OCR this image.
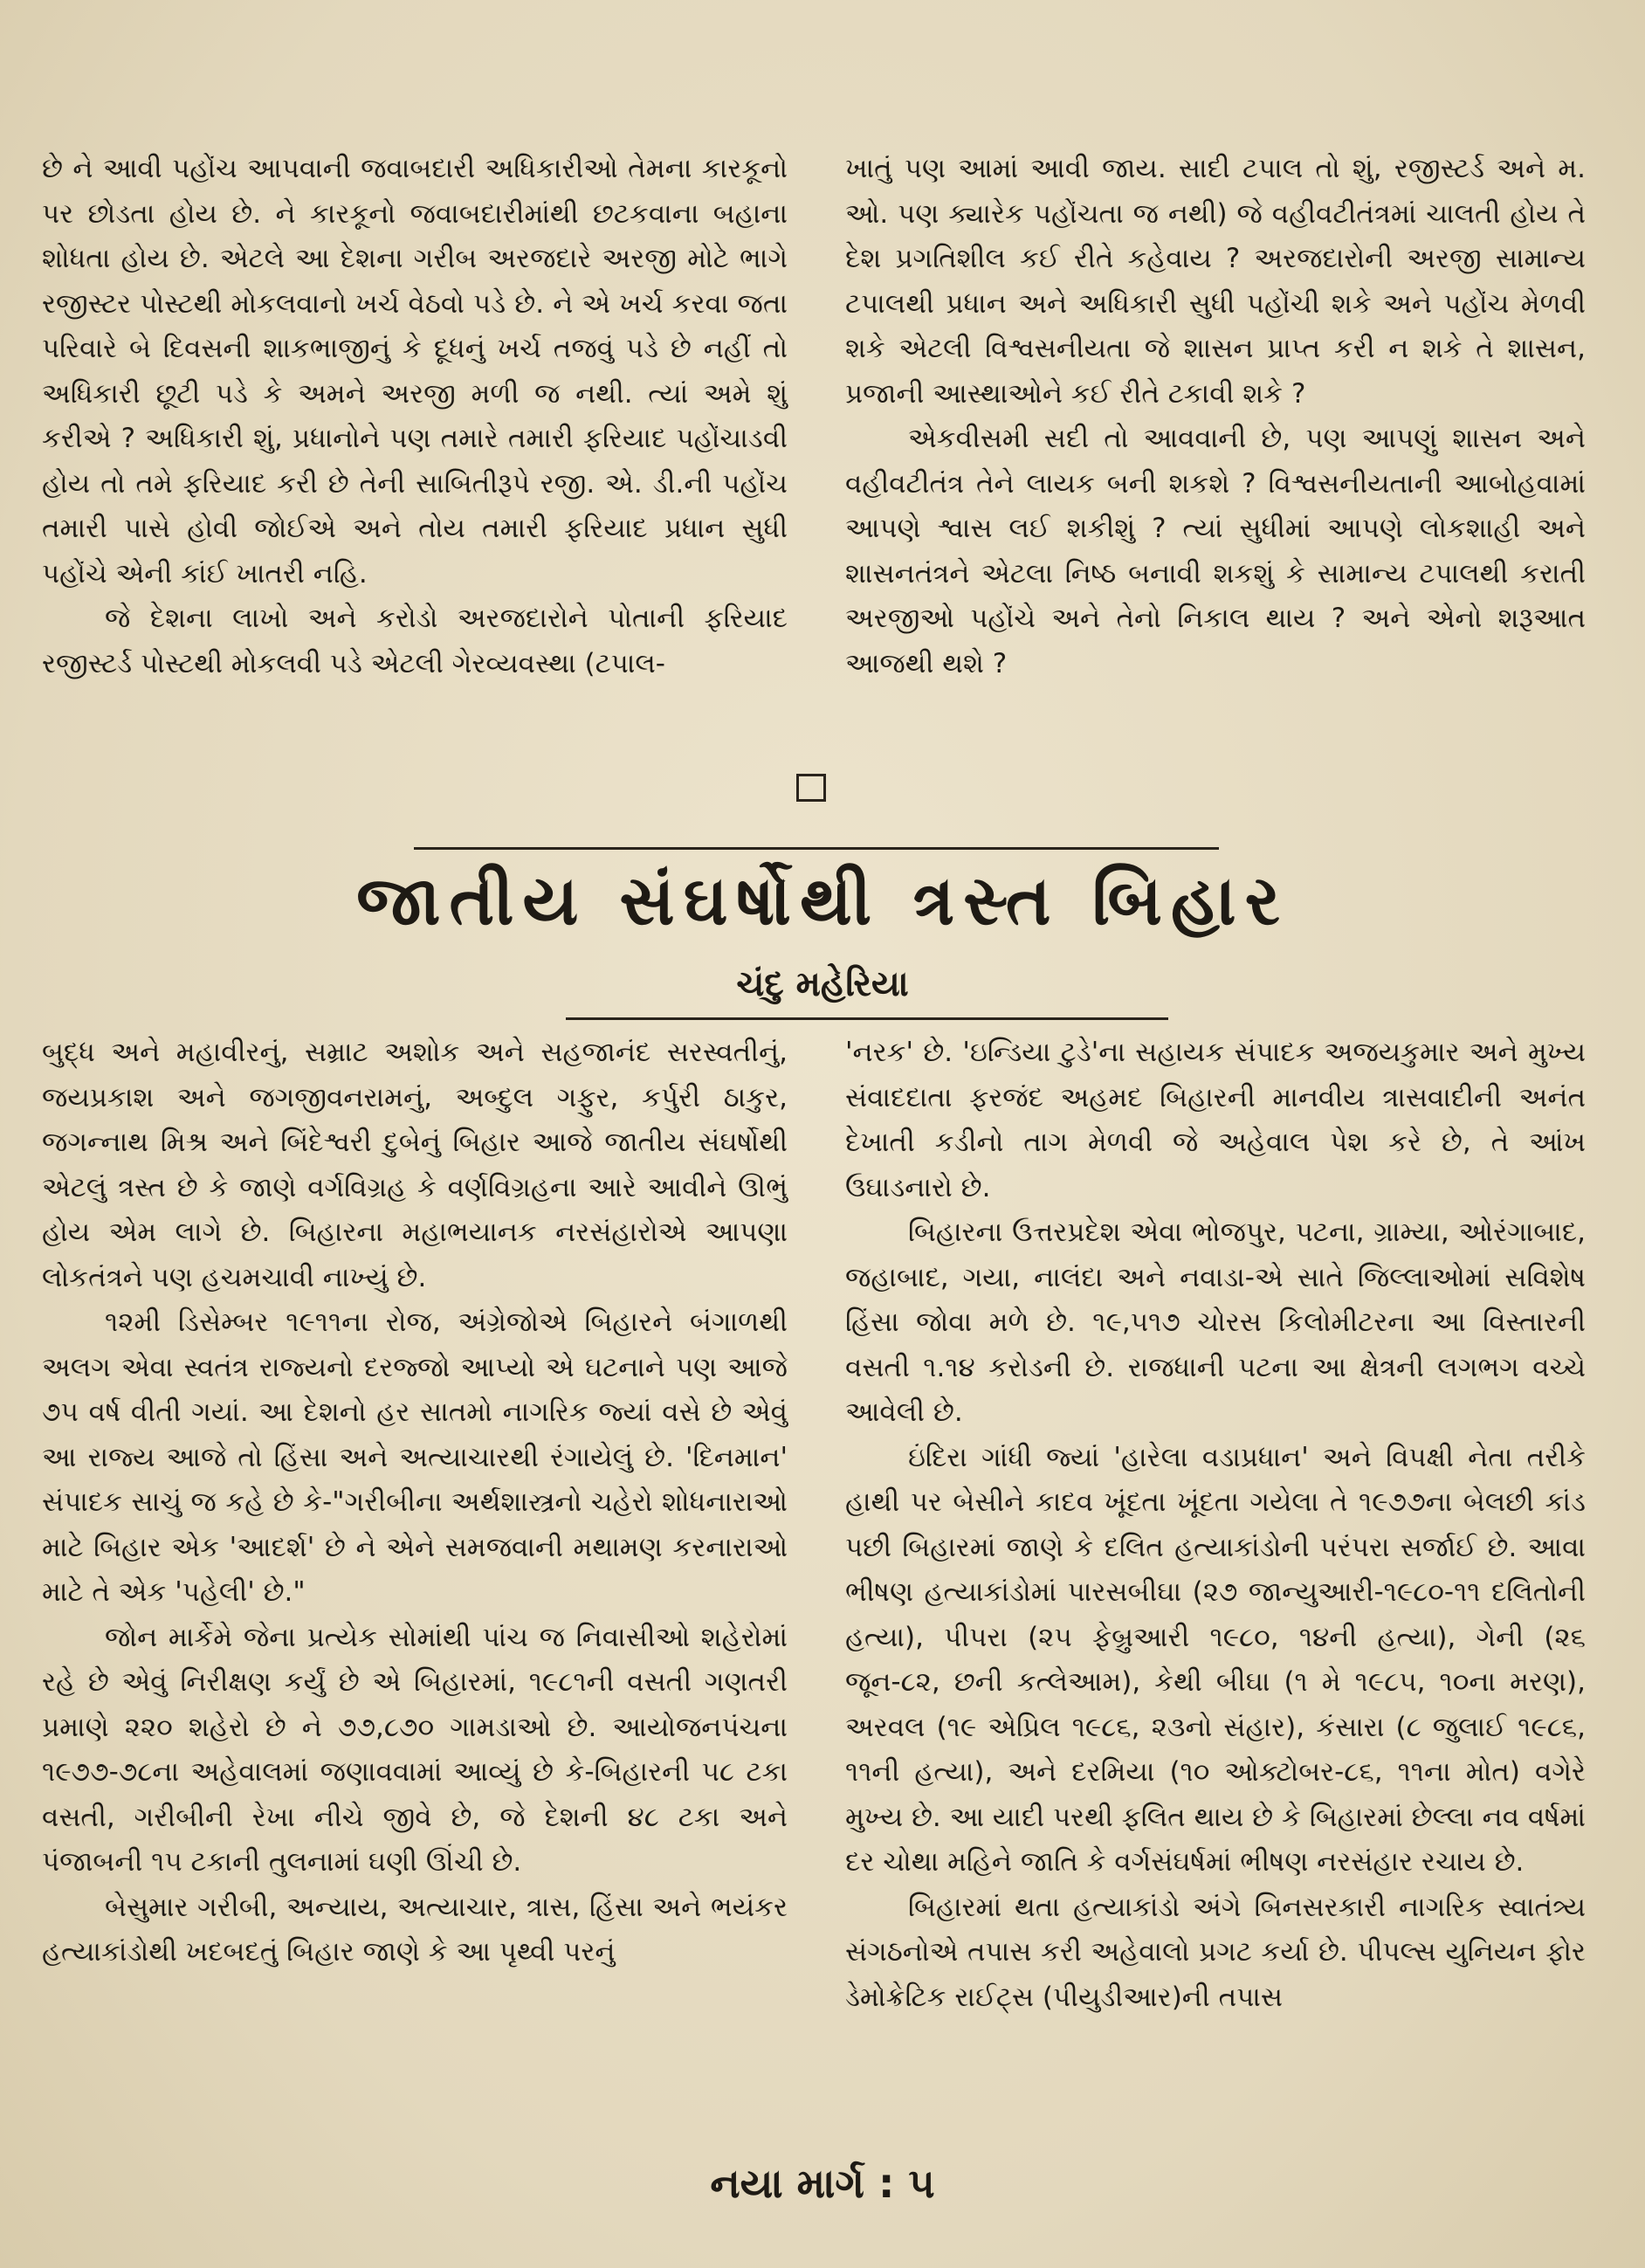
છે ને આવી પહોંચ આપવાની જવાબદારી અધિકારીઓ તેમના કારકૂનો પર છોડતા હોય છે. ને કારકૂનો જવાબદારીમાંથી છટકવાના બહાના શોધતા હોય છે. એટલે આ દેશના ગરીબ અરજદારે અરજી મોટે ભાગે રજીસ્ટર પોસ્ટથી મોકલવાનો ખર્ચ વેઠવો પડે છે. ને એ ખર્ચ કરવા જતા પરિવારે બે દિવસની શાકભાજીનું કે દૂધનું ખર્ચ તજવું પડે છે નહીં તો અધિકારી છૂટી પડે કે અમને અરજી મળી જ નથી. ત્યાં અમે શું કરીએ ? અધિકારી શું, પ્રધાનોને પણ તમારે તમારી ફરિયાદ પહોંચાડવી હોય તો તમે ફરિયાદ કરી છે તેની સાબિતીરૂપે રજી. એ. ડી.ની પહોંચ તમારી પાસે હોવી જોઈએ અને તોય તમારી ફરિયાદ પ્રધાન સુધી પહોંચે એની કાંઈ ખાતરી નહિ.

જે દેશના લાખો અને કરોડો અરજદારોને પોતાની ફરિયાદ રજીસ્ટર્ડ પોસ્ટથી મોકલવી પડે એટલી ગેરવ્યવસ્થા (ટપાલ-

ખાતું પણ આમાં આવી જાય. સાદી ટપાલ તો શું, રજીસ્ટર્ડ અને મ. ઓ. પણ ક્યારેક પહોંચતા જ નથી) જે વહીવટીતંત્રમાં ચાલતી હોય તે દેશ પ્રગતિશીલ કઈ રીતે કહેવાય ? અરજદારોની અરજી સામાન્ય ટપાલથી પ્રધાન અને અધિકારી સુધી પહોંચી શકે અને પહોંચ મેળવી શકે એટલી વિશ્વસનીયતા જે શાસન પ્રાપ્ત કરી ન શકે તે શાસન, પ્રજાની આસ્થાઓને કઈ રીતે ટકાવી શકે ?

એકવીસમી સદી તો આવવાની છે, પણ આપણું શાસન અને વહીવટીતંત્ર તેને લાયક બની શકશે ? વિશ્વસનીયતાની આબોહવામાં આપણે શ્વાસ લઈ શકીશું ? ત્યાં સુધીમાં આપણે લોકશાહી અને શાસનતંત્રને એટલા નિષ્ઠ બનાવી શકશું કે સામાન્ય ટપાલથી કરાતી અરજીઓ પહોંચે અને તેનો નિકાલ થાય ? અને એનો શરૂઆત આજથી થશે ?

જાતીય સંઘર્ષોથી ત્રસ્ત બિહાર
ચંદુ મહેરિયા

બુદ્ધ અને મહાવીરનું, સમ્રાટ અશોક અને સહજાનંદ સરસ્વતીનું, જયપ્રકાશ અને જગજીવનરામનું, અબ્દુલ ગફુર, કર્પુરી ઠાકુર, જગન્નાથ મિશ્ર અને બિંદેશ્વરી દુબેનું બિહાર આજે જાતીય સંઘર્ષોથી એટલું ત્રસ્ત છે કે જાણે વર્ગવિગ્રહ કે વર્ણવિગ્રહના આરે આવીને ઊભું હોય એમ લાગે છે. બિહારના મહાભયાનક નરસંહારોએ આપણા લોકતંત્રને પણ હચમચાવી નાખ્યું છે.

૧૨મી ડિસેમ્બર ૧૯૧૧ના રોજ, અંગ્રેજોએ બિહારને બંગાળથી અલગ એવા સ્વતંત્ર રાજ્યનો દરજ્જો આપ્યો એ ઘટનાને પણ આજે ૭૫ વર્ષ વીતી ગયાં. આ દેશનો હર સાતમો નાગરિક જ્યાં વસે છે એવું આ રાજ્ય આજે તો હિંસા અને અત્યાચારથી રંગાયેલું છે. 'દિનમાન' સંપાદક સાચું જ કહે છે કે-"ગરીબીના અર્થશાસ્ત્રનો ચહેરો શોધનારાઓ માટે બિહાર એક 'આદર્શ' છે ને એને સમજવાની મથામણ કરનારાઓ માટે તે એક 'પહેલી' છે."

જોન માર્કેમે જેના પ્રત્યેક સોમાંથી પાંચ જ નિવાસીઓ શહેરોમાં રહે છે એવું નિરીક્ષણ કર્યું છે એ બિહારમાં, ૧૯૮૧ની વસતી ગણતરી પ્રમાણે ૨૨૦ શહેરો છે ને ૭૭,૮૭૦ ગામડાઓ છે. આયોજનપંચના ૧૯૭૭-૭૮ના અહેવાલમાં જણાવવામાં આવ્યું છે કે-બિહારની ૫૮ ટકા વસતી, ગરીબીની રેખા નીચે જીવે છે, જે દેશની ૪૮ ટકા અને પંજાબની ૧૫ ટકાની તુલનામાં ઘણી ઊંચી છે.

બેસુમાર ગરીબી, અન્યાય, અત્યાચાર, ત્રાસ, હિંસા અને ભયંકર હત્યાકાંડોથી ખદબદતું બિહાર જાણે કે આ પૃથ્વી પરનું

'નરક' છે. 'ઇન્ડિયા ટુડે'ના સહાયક સંપાદક અજયકુમાર અને મુખ્ય સંવાદદાતા ફરજંદ અહમદ બિહારની માનવીય ત્રાસવાદીની અનંત દેખાતી કડીનો તાગ મેળવી જે અહેવાલ પેશ કરે છે, તે આંખ ઉઘાડનારો છે.

બિહારના ઉત્તરપ્રદેશ એવા ભોજપુર, પટના, ગ્રામ્યા, ઓરંગાબાદ, જહાબાદ, ગયા, નાલંદા અને નવાડા-એ સાતે જિલ્લાઓમાં સવિશેષ હિંસા જોવા મળે છે. ૧૯,૫૧૭ ચોરસ કિલોમીટરના આ વિસ્તારની વસતી ૧.૧૪ કરોડની છે. રાજધાની પટના આ ક્ષેત્રની લગભગ વચ્ચે આવેલી છે.

ઇંદિરા ગાંધી જ્યાં 'હારેલા વડાપ્રધાન' અને વિપક્ષી નેતા તરીકે હાથી પર બેસીને કાદવ ખૂંદતા ખૂંદતા ગયેલા તે ૧૯૭૭ના બેલછી કાંડ પછી બિહારમાં જાણે કે દલિત હત્યાકાંડોની પરંપરા સર્જાઈ છે. આવા ભીષણ હત્યાકાંડોમાં પારસબીઘા (૨૭ જાન્યુઆરી-૧૯૮૦-૧૧ દલિતોની હત્યા), પીપરા (૨૫ ફેબ્રુઆરી ૧૯૮૦, ૧૪ની હત્યા), ગેની (૨૬ જૂન-૮૨, છની કત્લેઆમ), કેથી બીઘા (૧ મે ૧૯૮૫, ૧૦ના મરણ), અરવલ (૧૯ એપ્રિલ ૧૯૮૬, ૨૩નો સંહાર), કંસારા (૮ જુલાઈ ૧૯૮૬, ૧૧ની હત્યા), અને દરમિયા (૧૦ ઓક્ટોબર-૮૬, ૧૧ના મોત) વગેરે મુખ્ય છે. આ યાદી પરથી ફલિત થાય છે કે બિહારમાં છેલ્લા નવ વર્ષમાં દર ચોથા મહિને જાતિ કે વર્ગસંઘર્ષમાં ભીષણ નરસંહાર રચાય છે.

બિહારમાં થતા હત્યાકાંડો અંગે બિનસરકારી નાગરિક સ્વાતંત્ર્ય સંગઠનોએ તપાસ કરી અહેવાલો પ્રગટ કર્યા છે. પીપલ્સ યુનિયન ફોર ડેમોક્રેટિક રાઈટ્સ (પીયુડીઆર)ની તપાસ

નયા માર્ગ : ૫
